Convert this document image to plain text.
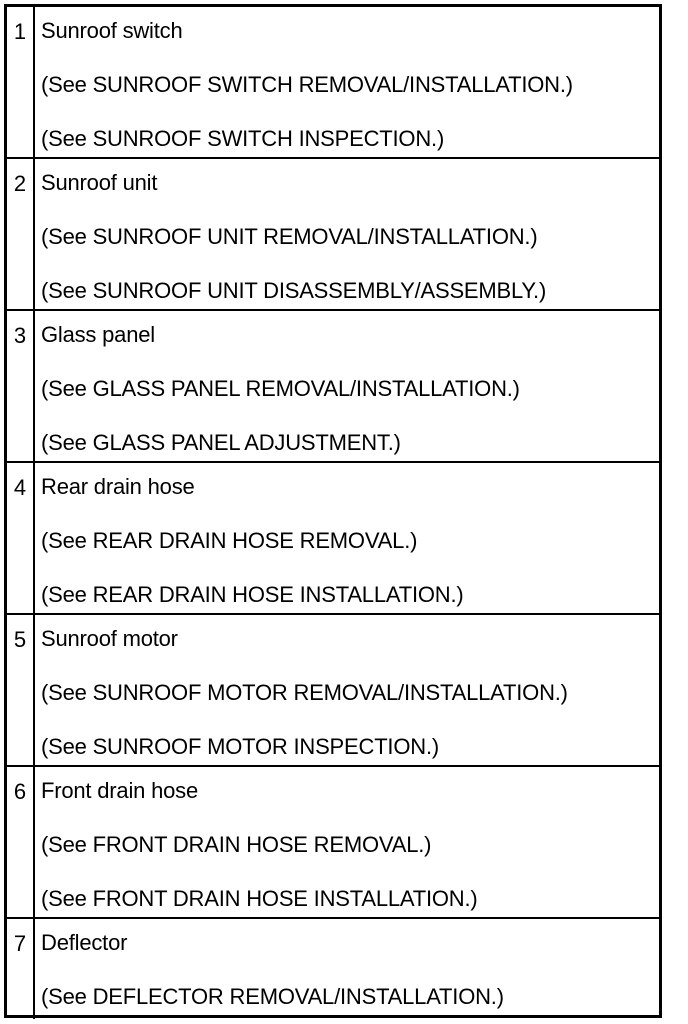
1 Sunroof switch
(See SUNROOF SWITCH REMOVAL/INSTALLATION.)
(See SUNROOF SWITCH INSPECTION.)
2 Sunroof unit
(See SUNROOF UNIT REMOVAL/INSTALLATION.)
(See SUNROOF UNIT DISASSEMBLY/ASSEMBLY.)
3 Glass panel
(See GLASS PANEL REMOVAL/INSTALLATION.)
(See GLASS PANEL ADJUSTMENT.)
4 Rear drain hose
(See REAR DRAIN HOSE REMOVAL.)
(See REAR DRAIN HOSE INSTALLATION.)
5 Sunroof motor
(See SUNROOF MOTOR REMOVAL/INSTALLATION.)
(See SUNROOF MOTOR INSPECTION.)
6 Front drain hose
(See FRONT DRAIN HOSE REMOVAL.)
(See FRONT DRAIN HOSE INSTALLATION.)
7 Deflector
(See DEFLECTOR REMOVAL/INSTALLATION.)
